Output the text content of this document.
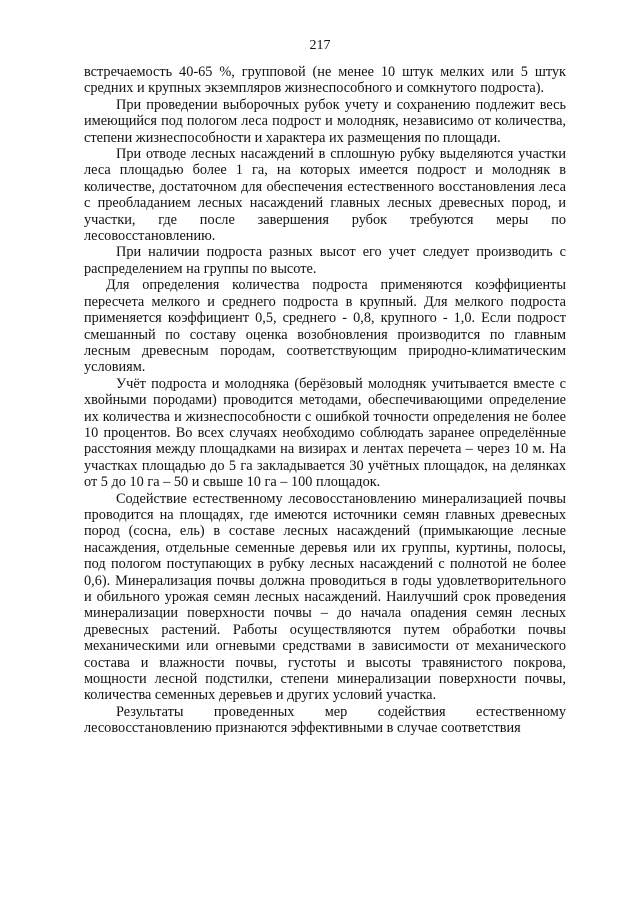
217

встречаемость 40-65 %, групповой (не менее 10 штук мелких или 5 штук средних и крупных экземпляров жизнеспособного и сомкнутого подроста).

При проведении выборочных рубок учету и сохранению подлежит весь имеющийся под пологом леса подрост и молодняк, независимо от количества, степени жизнеспособности и характера их размещения по площади.

При отводе лесных насаждений в сплошную рубку выделяются участки леса площадью более 1 га, на которых имеется подрост и молодняк в количестве, достаточном для обеспечения естественного восстановления леса с преобладанием лесных насаждений главных лесных древесных пород, и участки, где после завершения рубок требуются меры по лесовосстановлению.

При наличии подроста разных высот его учет следует производить с распределением на группы по высоте.

Для определения количества подроста применяются коэффициенты пересчета мелкого и среднего подроста в крупный. Для мелкого подроста применяется коэффициент 0,5, среднего - 0,8, крупного - 1,0. Если подрост смешанный по составу оценка возобновления производится по главным лесным древесным породам, соответствующим природно-климатическим условиям.

Учёт подроста и молодняка (берёзовый молодняк учитывается вместе с хвойными породами) проводится методами, обеспечивающими определение их количества и жизнеспособности с ошибкой точности определения не более 10 процентов. Во всех случаях необходимо соблюдать заранее определённые расстояния между площадками на визирах и лентах перечета – через 10 м. На участках площадью до 5 га закладывается 30 учётных площадок, на делянках от 5 до 10 га – 50 и свыше 10 га – 100 площадок.

Содействие естественному лесовосстановлению минерализацией почвы проводится на площадях, где имеются источники семян главных древесных пород (сосна, ель) в составе лесных насаждений (примыкающие лесные насаждения, отдельные семенные деревья или их группы, куртины, полосы, под пологом поступающих в рубку лесных насаждений с полнотой не более 0,6). Минерализация почвы должна проводиться в годы удовлетворительного и обильного урожая семян лесных насаждений. Наилучший срок проведения минерализации поверхности почвы – до начала опадения семян лесных древесных растений. Работы осуществляются путем обработки почвы механическими или огневыми средствами в зависимости от механического состава и влажности почвы, густоты и высоты травянистого покрова, мощности лесной подстилки, степени минерализации поверхности почвы, количества семенных деревьев и других условий участка.

Результаты проведенных мер содействия естественному лесовосстановлению признаются эффективными в случае соответствия
